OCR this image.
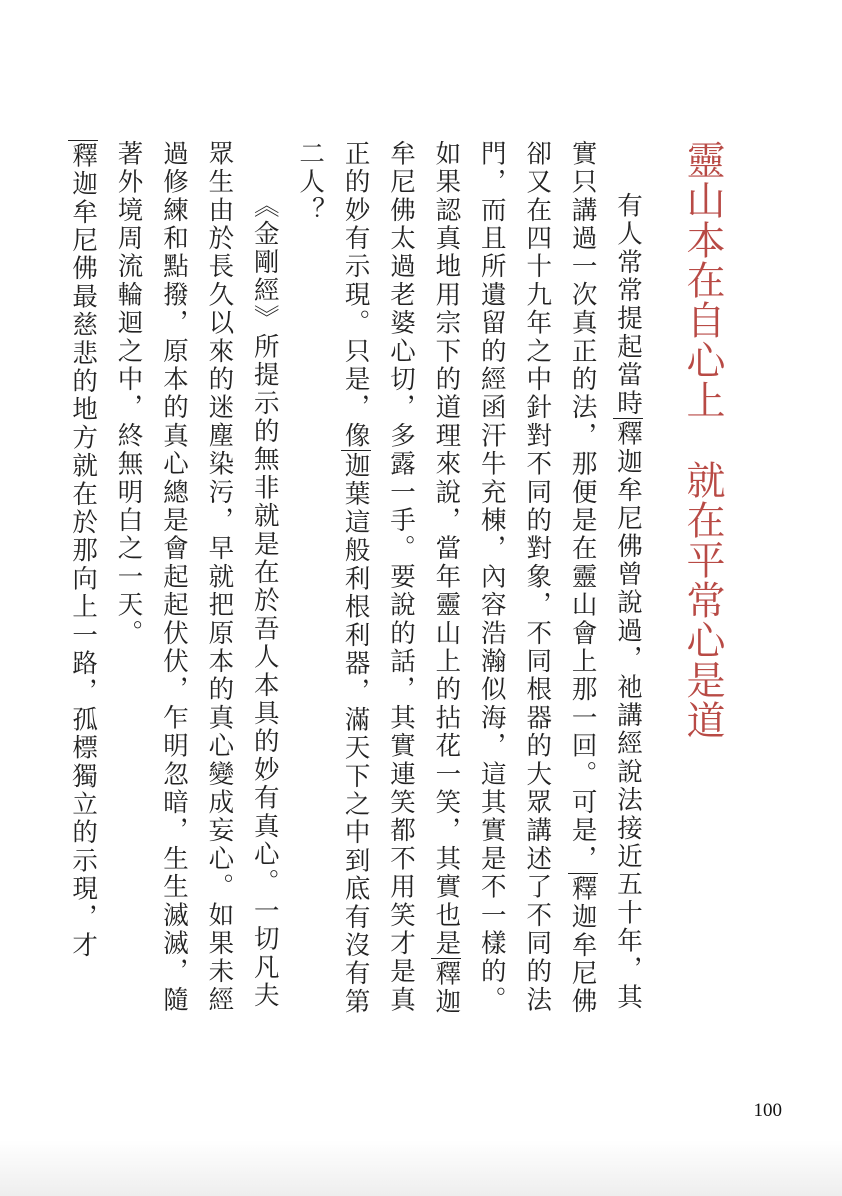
靈山本在自心上　就在平常心是道

有人常常提起當時釋迦牟尼佛曾說過，祂講經說法接近五十年，其實只講過一次真正的法，那便是在靈山會上那一回。可是，釋迦牟尼佛卻又在四十九年之中針對不同的對象，不同根器的大眾講述了不同的法門，而且所遺留的經函汗牛充棟，內容浩瀚似海，這其實是不一樣的。如果認真地用宗下的道理來說，當年靈山上的拈花一笑，其實也是釋迦牟尼佛太過老婆心切，多露一手。要說的話，其實連笑都不用笑才是真正的妙有示現。只是，像迦葉這般利根利器，滿天下之中到底有沒有第二人？

《金剛經》所提示的無非就是在於吾人本具的妙有真心。一切凡夫眾生由於長久以來的迷塵染污，早就把原本的真心變成妄心。如果未經過修練和點撥，原本的真心總是會起起伏伏，乍明忽暗，生生滅滅，隨著外境周流輪迴之中，終無明白之一天。

釋迦牟尼佛最慈悲的地方就在於那向上一路，孤標獨立的示現，才

100
